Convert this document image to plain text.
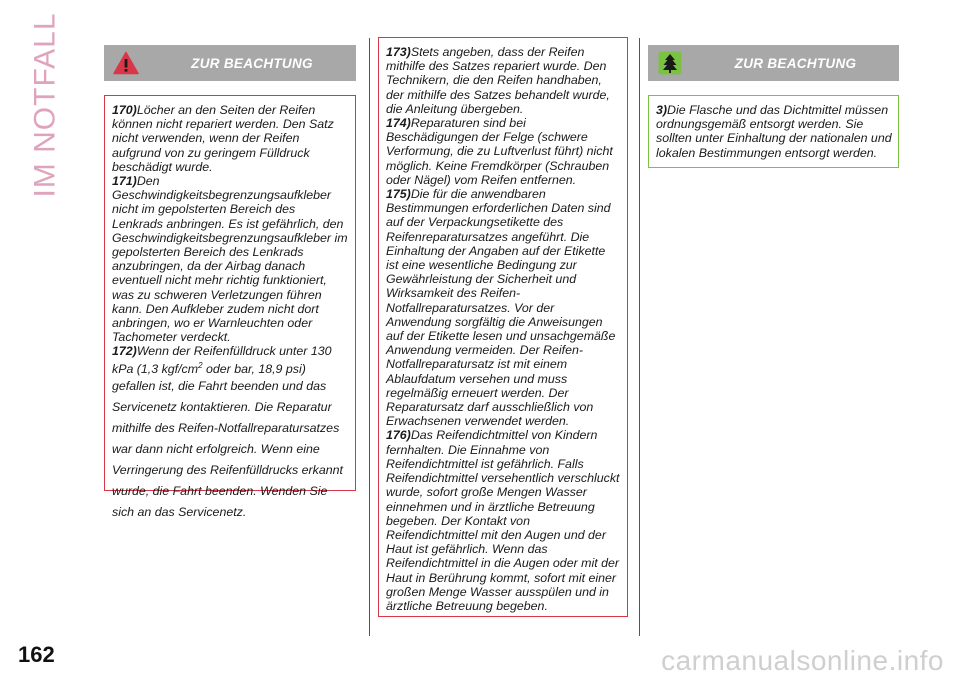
IM NOTFALL	ZUR BEACHTUNG

170)Löcher an den Seiten der Reifen können nicht repariert werden. Den Satz nicht verwenden, wenn der Reifen aufgrund von zu geringem Fülldruck beschädigt wurde.

171)Den Geschwindigkeitsbegrenzungsaufkleber nicht im gepolsterten Bereich des Lenkrads anbringen. Es ist gefährlich, den Geschwindigkeitsbegrenzungsaufkleber im gepolsterten Bereich des Lenkrads anzubringen, da der Airbag danach eventuell nicht mehr richtig funktioniert, was zu schweren Verletzungen führen kann. Den Aufkleber zudem nicht dort anbringen, wo er Warnleuchten oder Tachometer verdeckt.

172)Wenn der Reifenfülldruck unter 130 kPa (1,3 kgf/$cm^2$ oder bar, 18,9 psi)
gefallen ist, die Fahrt beenden und das Servicenetz kontaktieren. Die Reparatur mithilfe des Reifen-Notfallreparatursatzes war dann nicht erfolgreich. Wenn eine Verringerung des Reifenfülldrucks erkannt wurde, die Fahrt beenden. Wenden Sie sich an das Servicenetz.

173)Stets angeben, dass der Reifen mithilfe des Satzes repariert wurde. Den Technikern, die den Reifen handhaben, der mithilfe des Satzes behandelt wurde, die Anleitung übergeben.

174)Reparaturen sind bei Beschädigungen der Felge (schwere Verformung, die zu Luftverlust führt) nicht möglich. Keine Fremdkörper (Schrauben oder Nägel) vom Reifen entfernen.

175)Die für die anwendbaren Bestimmungen erforderlichen Daten sind auf der Verpackungsetikette des Reifenreparatursatzes angeführt. Die Einhaltung der Angaben auf der Etikette ist eine wesentliche Bedingung zur Gewährleistung der Sicherheit und Wirksamkeit des Reifen-Notfallreparatursatzes. Vor der Anwendung sorgfältig die Anweisungen auf der Etikette lesen und unsachgemäße Anwendung vermeiden. Der Reifen-Notfallreparatursatz ist mit einem Ablaufdatum versehen und muss regelmäßig erneuert werden. Der Reparatursatz darf ausschließlich von Erwachsenen verwendet werden.

176)Das Reifendichtmittel von Kindern fernhalten. Die Einnahme von Reifendichtmittel ist gefährlich. Falls Reifendichtmittel versehentlich verschluckt wurde, sofort große Mengen Wasser einnehmen und in ärztliche Betreuung begeben. Der Kontakt von Reifendichtmittel mit den Augen und der Haut ist gefährlich. Wenn das Reifendichtmittel in die Augen oder mit der Haut in Berührung kommt, sofort mit einer großen Menge Wasser ausspülen und in ärztliche Betreuung begeben.

ZUR BEACHTUNG

3)Die Flasche und das Dichtmittel müssen ordnungsgemäß entsorgt werden. Sie sollten unter Einhaltung der nationalen und lokalen Bestimmungen entsorgt werden.

162	carmanualsonline.info
